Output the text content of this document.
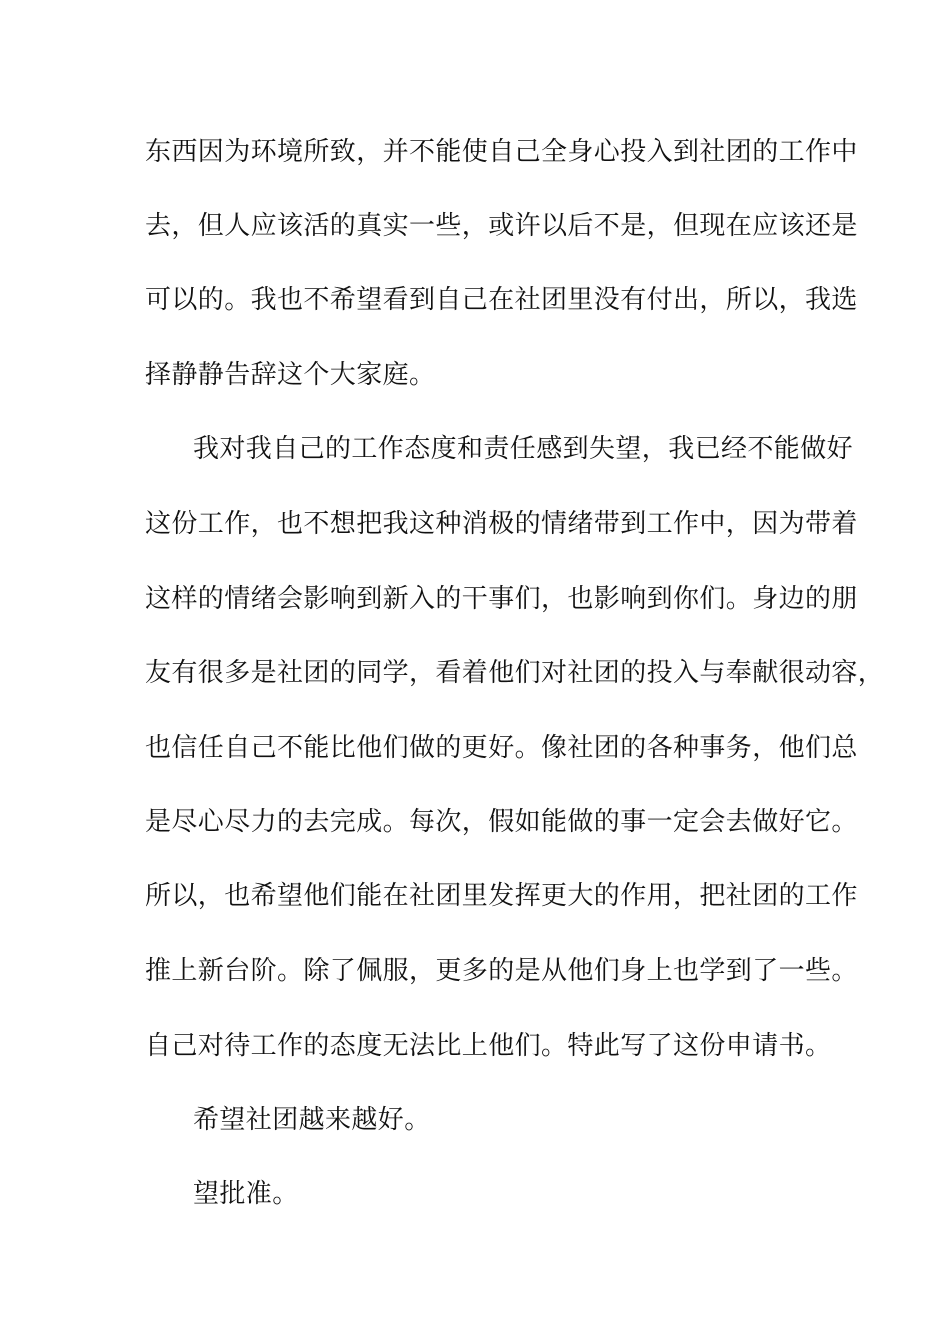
东西因为环境所致，并不能使自己全身心投入到社团的工作中
去，但人应该活的真实一些，或许以后不是，但现在应该还是
可以的。我也不希望看到自己在社团里没有付出，所以，我选
择静静告辞这个大家庭。
我对我自己的工作态度和责任感到失望，我已经不能做好
这份工作，也不想把我这种消极的情绪带到工作中，因为带着
这样的情绪会影响到新入的干事们，也影响到你们。身边的朋
友有很多是社团的同学，看着他们对社团的投入与奉献很动容，
也信任自己不能比他们做的更好。像社团的各种事务，他们总
是尽心尽力的去完成。每次，假如能做的事一定会去做好它。
所以，也希望他们能在社团里发挥更大的作用，把社团的工作
推上新台阶。除了佩服，更多的是从他们身上也学到了一些。
自己对待工作的态度无法比上他们。特此写了这份申请书。
希望社团越来越好。
望批准。
